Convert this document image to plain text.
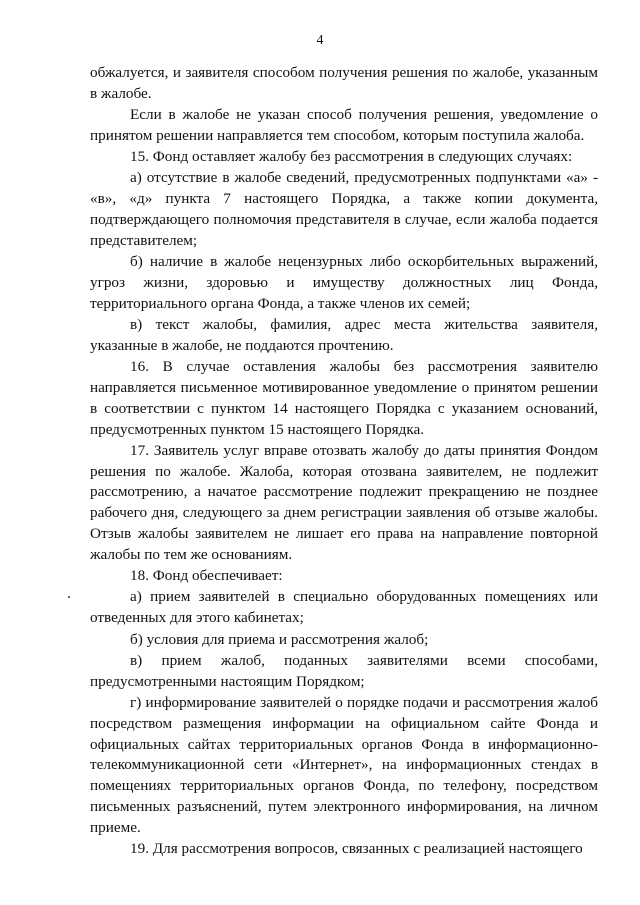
4

обжалуется, и заявителя способом получения решения по жалобе, указанным в жалобе.

Если в жалобе не указан способ получения решения, уведомление о принятом решении направляется тем способом, которым поступила жалоба.

15. Фонд оставляет жалобу без рассмотрения в следующих случаях:

а) отсутствие в жалобе сведений, предусмотренных подпунктами «а» - «в», «д» пункта 7 настоящего Порядка, а также копии документа, подтверждающего полномочия представителя в случае, если жалоба подается представителем;

б) наличие в жалобе нецензурных либо оскорбительных выражений, угроз жизни, здоровью и имуществу должностных лиц Фонда, территориального органа Фонда, а также членов их семей;

в) текст жалобы, фамилия, адрес места жительства заявителя, указанные в жалобе, не поддаются прочтению.

16. В случае оставления жалобы без рассмотрения заявителю направляется письменное мотивированное уведомление о принятом решении в соответствии с пунктом 14 настоящего Порядка с указанием оснований, предусмотренных пунктом 15 настоящего Порядка.

17. Заявитель услуг вправе отозвать жалобу до даты принятия Фондом решения по жалобе. Жалоба, которая отозвана заявителем, не подлежит рассмотрению, а начатое рассмотрение подлежит прекращению не позднее рабочего дня, следующего за днем регистрации заявления об отзыве жалобы. Отзыв жалобы заявителем не лишает его права на направление повторной жалобы по тем же основаниям.

18. Фонд обеспечивает:

а) прием заявителей в специально оборудованных помещениях или отведенных для этого кабинетах;

б) условия для приема и рассмотрения жалоб;

в) прием жалоб, поданных заявителями всеми способами, предусмотренными настоящим Порядком;

г) информирование заявителей о порядке подачи и рассмотрения жалоб посредством размещения информации на официальном сайте Фонда и официальных сайтах территориальных органов Фонда в информационно-телекоммуникационной сети «Интернет», на информационных стендах в помещениях территориальных органов Фонда, по телефону, посредством письменных разъяснений, путем электронного информирования, на личном приеме.

19. Для рассмотрения вопросов, связанных с реализацией настоящего
